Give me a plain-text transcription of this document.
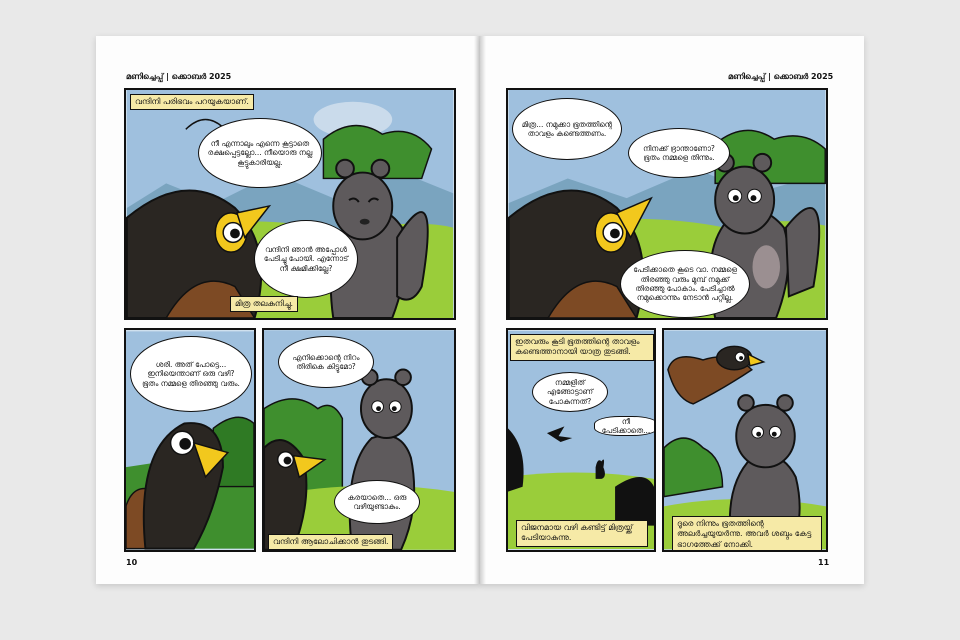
മണിച്ചെപ്പ് | ക്കൊബർ 2025	മണിച്ചെപ്പ് | ക്കൊബർ 2025
വന്ദിനി പരിഭവം പറയുകയാണ്.
നീ എന്നാലും എന്നെ കൂട്ടാതെ രക്ഷപ്പെട്ടല്ലോ... നീയൊരു നല്ല കൂട്ടുകാരിയല്ല.
വന്ദിനി ഞാൻ അപ്പോൾ പേടിച്ചു പോയി. എന്നോട് നീ ക്ഷമിക്കില്ലേ?
മിത്ര തലകുനിച്ചു.
ശരി. അത് പോട്ടെ... ഇനിയെന്താണ് ഒരു വഴി? ഭൂതം നമ്മളെ തിരഞ്ഞു വരും.
എനിക്കൊന്റെ നിറം തിരികെ കിട്ടുമോ?
കരയാതെ... ഒരു വഴിയുണ്ടാകും.
വന്ദിനി ആലോചിക്കാൻ തുടങ്ങി.
10
മിത്ര... നമുക്കാ ഭൂതത്തിന്റെ താവളം കണ്ടെത്തണം.
നിനക്ക് ഭ്രാന്താണോ? ഭൂതം നമ്മളെ തിന്നും.
പേടിക്കാതെ കൂടെ വാ. നമ്മളെ തിരഞ്ഞു വരും മുമ്പ് നമുക്ക് തിരഞ്ഞു പോകാം. പേടിച്ചാൽ നമുക്കൊന്നും നേടാൻ പറ്റില്ല.
ഇതവരും കൂടി ഭൂതത്തിന്റെ താവളം കണ്ടെത്താനായി യാത്ര തുടങ്ങി.
നമ്മളിത് എങ്ങോട്ടാണ് പോകുന്നത്?
നീ പേടിക്കാതെ...
വിജനമായ വഴി കണ്ടിട്ട് മിത്രയ്ക്ക് പേടിയാകുന്നു.
ദൂരെ നിന്നും ഭൂതത്തിന്റെ അലർച്ചയുയർന്നു. അവർ ശബ്ദം കേട്ട ഭാഗത്തേക്ക് നോക്കി.
11
